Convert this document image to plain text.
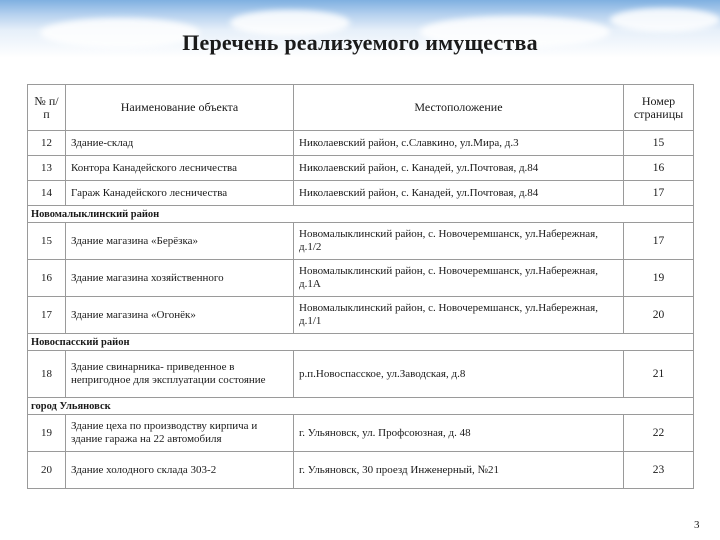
Перечень реализуемого имущества
№ п/п	Наименование объекта	Местоположение	Номер страницы
12	Здание-склад	Николаевский район, с.Славкино, ул.Мира, д.3	15
13	Контора Канадейского лесничества	Николаевский район, с. Канадей, ул.Почтовая, д.84	16
14	Гараж Канадейского лесничества	Николаевский район, с. Канадей, ул.Почтовая, д.84	17
Новомалыклинский район			
15	Здание магазина «Берёзка»	Новомалыклинский район, с. Новочеремшанск, ул.Набережная, д.1/2	17
16	Здание магазина хозяйственного	Новомалыклинский район, с. Новочеремшанск, ул.Набережная, д.1А	19
17	Здание магазина «Огонёк»	Новомалыклинский район, с. Новочеремшанск, ул.Набережная, д.1/1	20
Новоспасский район			
18	Здание свинарника- приведенное в непригодное для эксплуатации состояние	р.п.Новоспасское, ул.Заводская, д.8	21
город Ульяновск			
19	Здание цеха по производству кирпича и здание гаража на 22 автомобиля	г. Ульяновск, ул. Профсоюзная, д. 48	22
20	Здание холодного склада 303-2	г. Ульяновск, 30 проезд Инженерный, №21	23
3
